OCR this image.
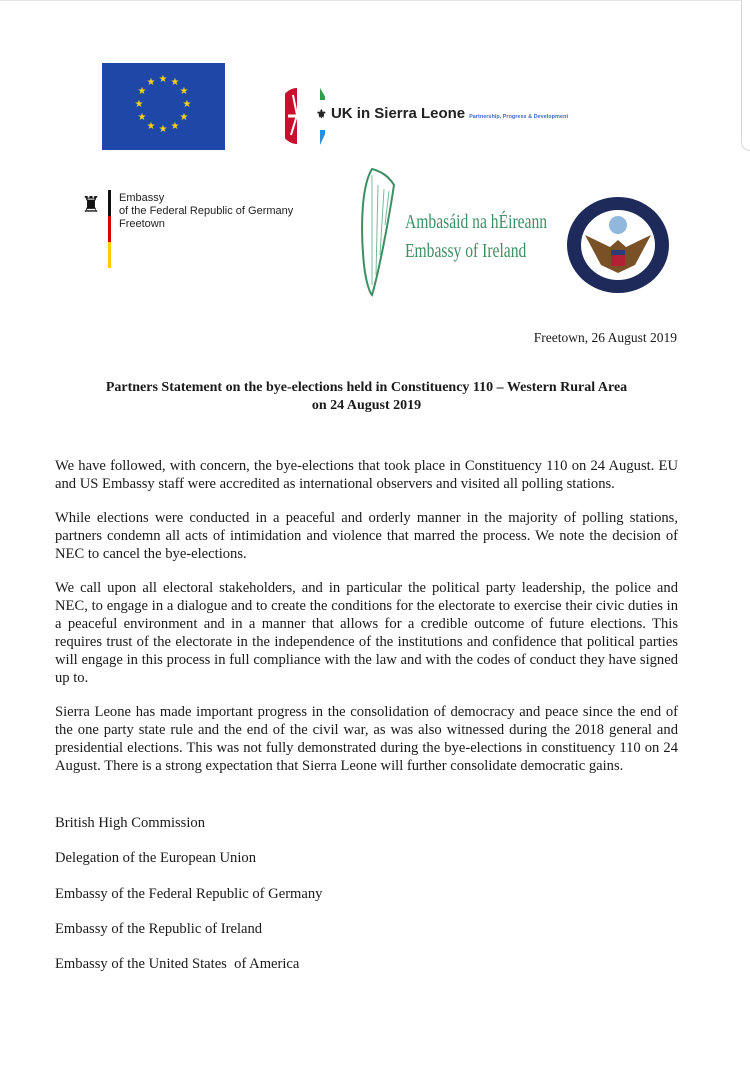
★ ★
★
★
★
★
★
★
★
★
★
★
⚜ UK in Sierra Leone Partnership, Progress & Development
♜ Embassy
of the Federal Republic of Germany
Freetown	Ambasáid na hÉireann
Embassy of Ireland
Freetown, 26 August 2019
Partners Statement on the bye-elections held in Constituency 110 – Western Rural Area
on 24 August 2019

We have followed, with concern, the bye-elections that took place in Constituency 110 on 24 August. EU and US Embassy staff were accredited as international observers and visited all polling stations.

While elections were conducted in a peaceful and orderly manner in the majority of polling stations, partners condemn all acts of intimidation and violence that marred the process. We note the decision of NEC to cancel the bye-elections.

We call upon all electoral stakeholders, and in particular the political party leadership, the police and NEC, to engage in a dialogue and to create the conditions for the electorate to exercise their civic duties in a peaceful environment and in a manner that allows for a credible outcome of future elections. This requires trust of the electorate in the independence of the institutions and confidence that political parties will engage in this process in full compliance with the law and with the codes of conduct they have signed up to.

Sierra Leone has made important progress in the consolidation of democracy and peace since the end of the one party state rule and the end of the civil war, as was also witnessed during the 2018 general and presidential elections. This was not fully demonstrated during the bye-elections in constituency 110 on 24 August. There is a strong expectation that Sierra Leone will further consolidate democratic gains.

British High Commission
Delegation of the European Union
Embassy of the Federal Republic of Germany
Embassy of the Republic of Ireland
Embassy of the United States  of America
